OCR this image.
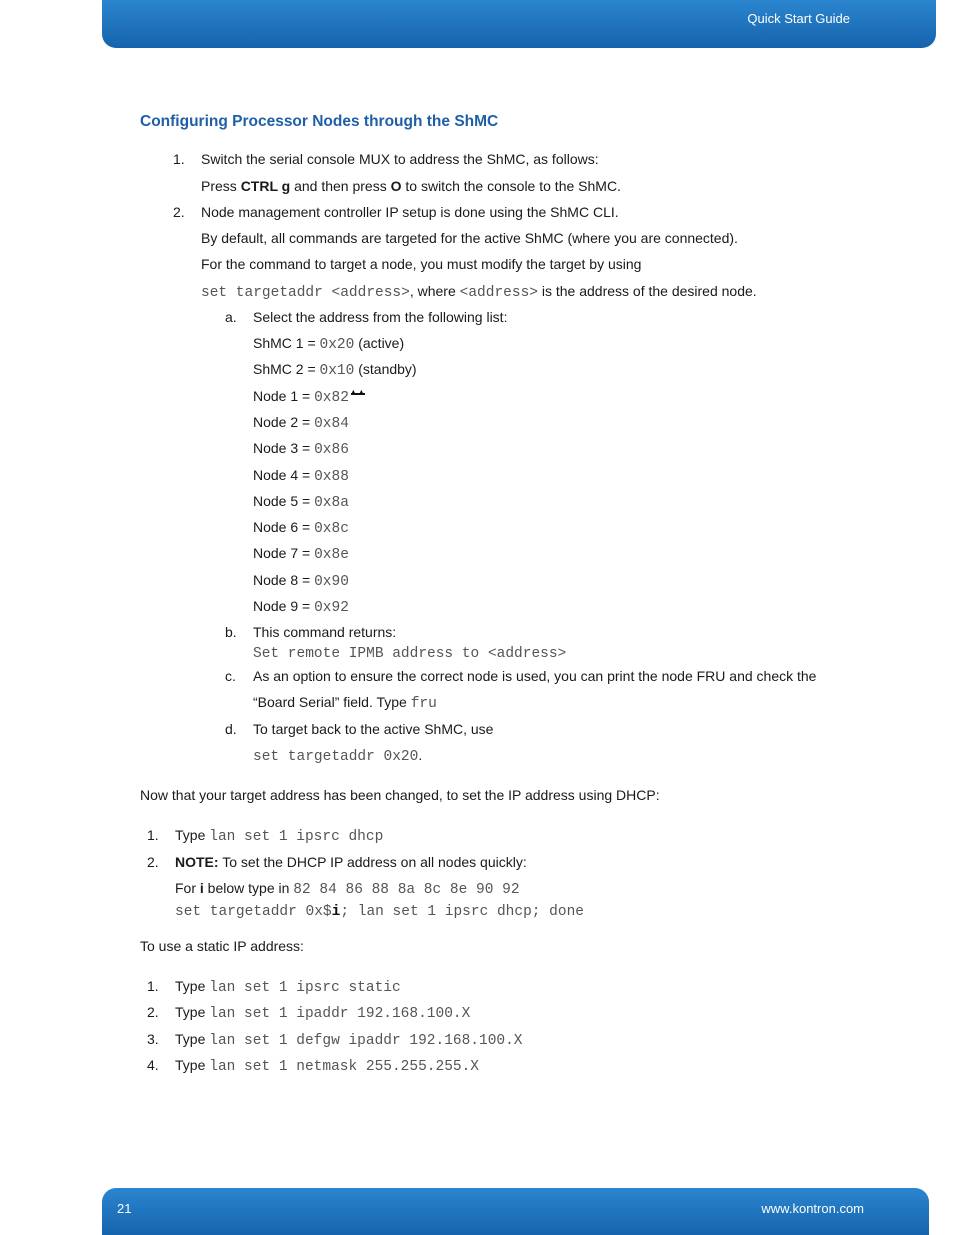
Quick Start Guide
Configuring Processor Nodes through the ShMC
1. Switch the serial console MUX to address the ShMC, as follows:
Press CTRL g and then press O to switch the console to the ShMC.
2. Node management controller IP setup is done using the ShMC CLI.
By default, all commands are targeted for the active ShMC (where you are connected).
For the command to target a node, you must modify the target by using
set targetaddr <address>, where <address> is the address of the desired node.
a. Select the address from the following list:
ShMC 1 = 0x20 (active)
ShMC 2 = 0x10 (standby)
Node 1 = 0x82▲▲
Node 2 = 0x84
Node 3 = 0x86
Node 4 = 0x88
Node 5 = 0x8a
Node 6 = 0x8c
Node 7 = 0x8e
Node 8 = 0x90
Node 9 = 0x92
b. This command returns:
Set remote IPMB address to <address>
c. As an option to ensure the correct node is used, you can print the node FRU and check the
“Board Serial” field. Type fru
d. To target back to the active ShMC, use
set targetaddr 0x20.
Now that your target address has been changed, to set the IP address using DHCP:
1. Type lan set 1 ipsrc dhcp
2. NOTE: To set the DHCP IP address on all nodes quickly:
For i below type in 82 84 86 88 8a 8c 8e 90 92
set targetaddr 0x$i; lan set 1 ipsrc dhcp; done
To use a static IP address:
1. Type lan set 1 ipsrc static
2. Type lan set 1 ipaddr 192.168.100.X
3. Type lan set 1 defgw ipaddr 192.168.100.X
4. Type lan set 1 netmask 255.255.255.X
21	www.kontron.com
